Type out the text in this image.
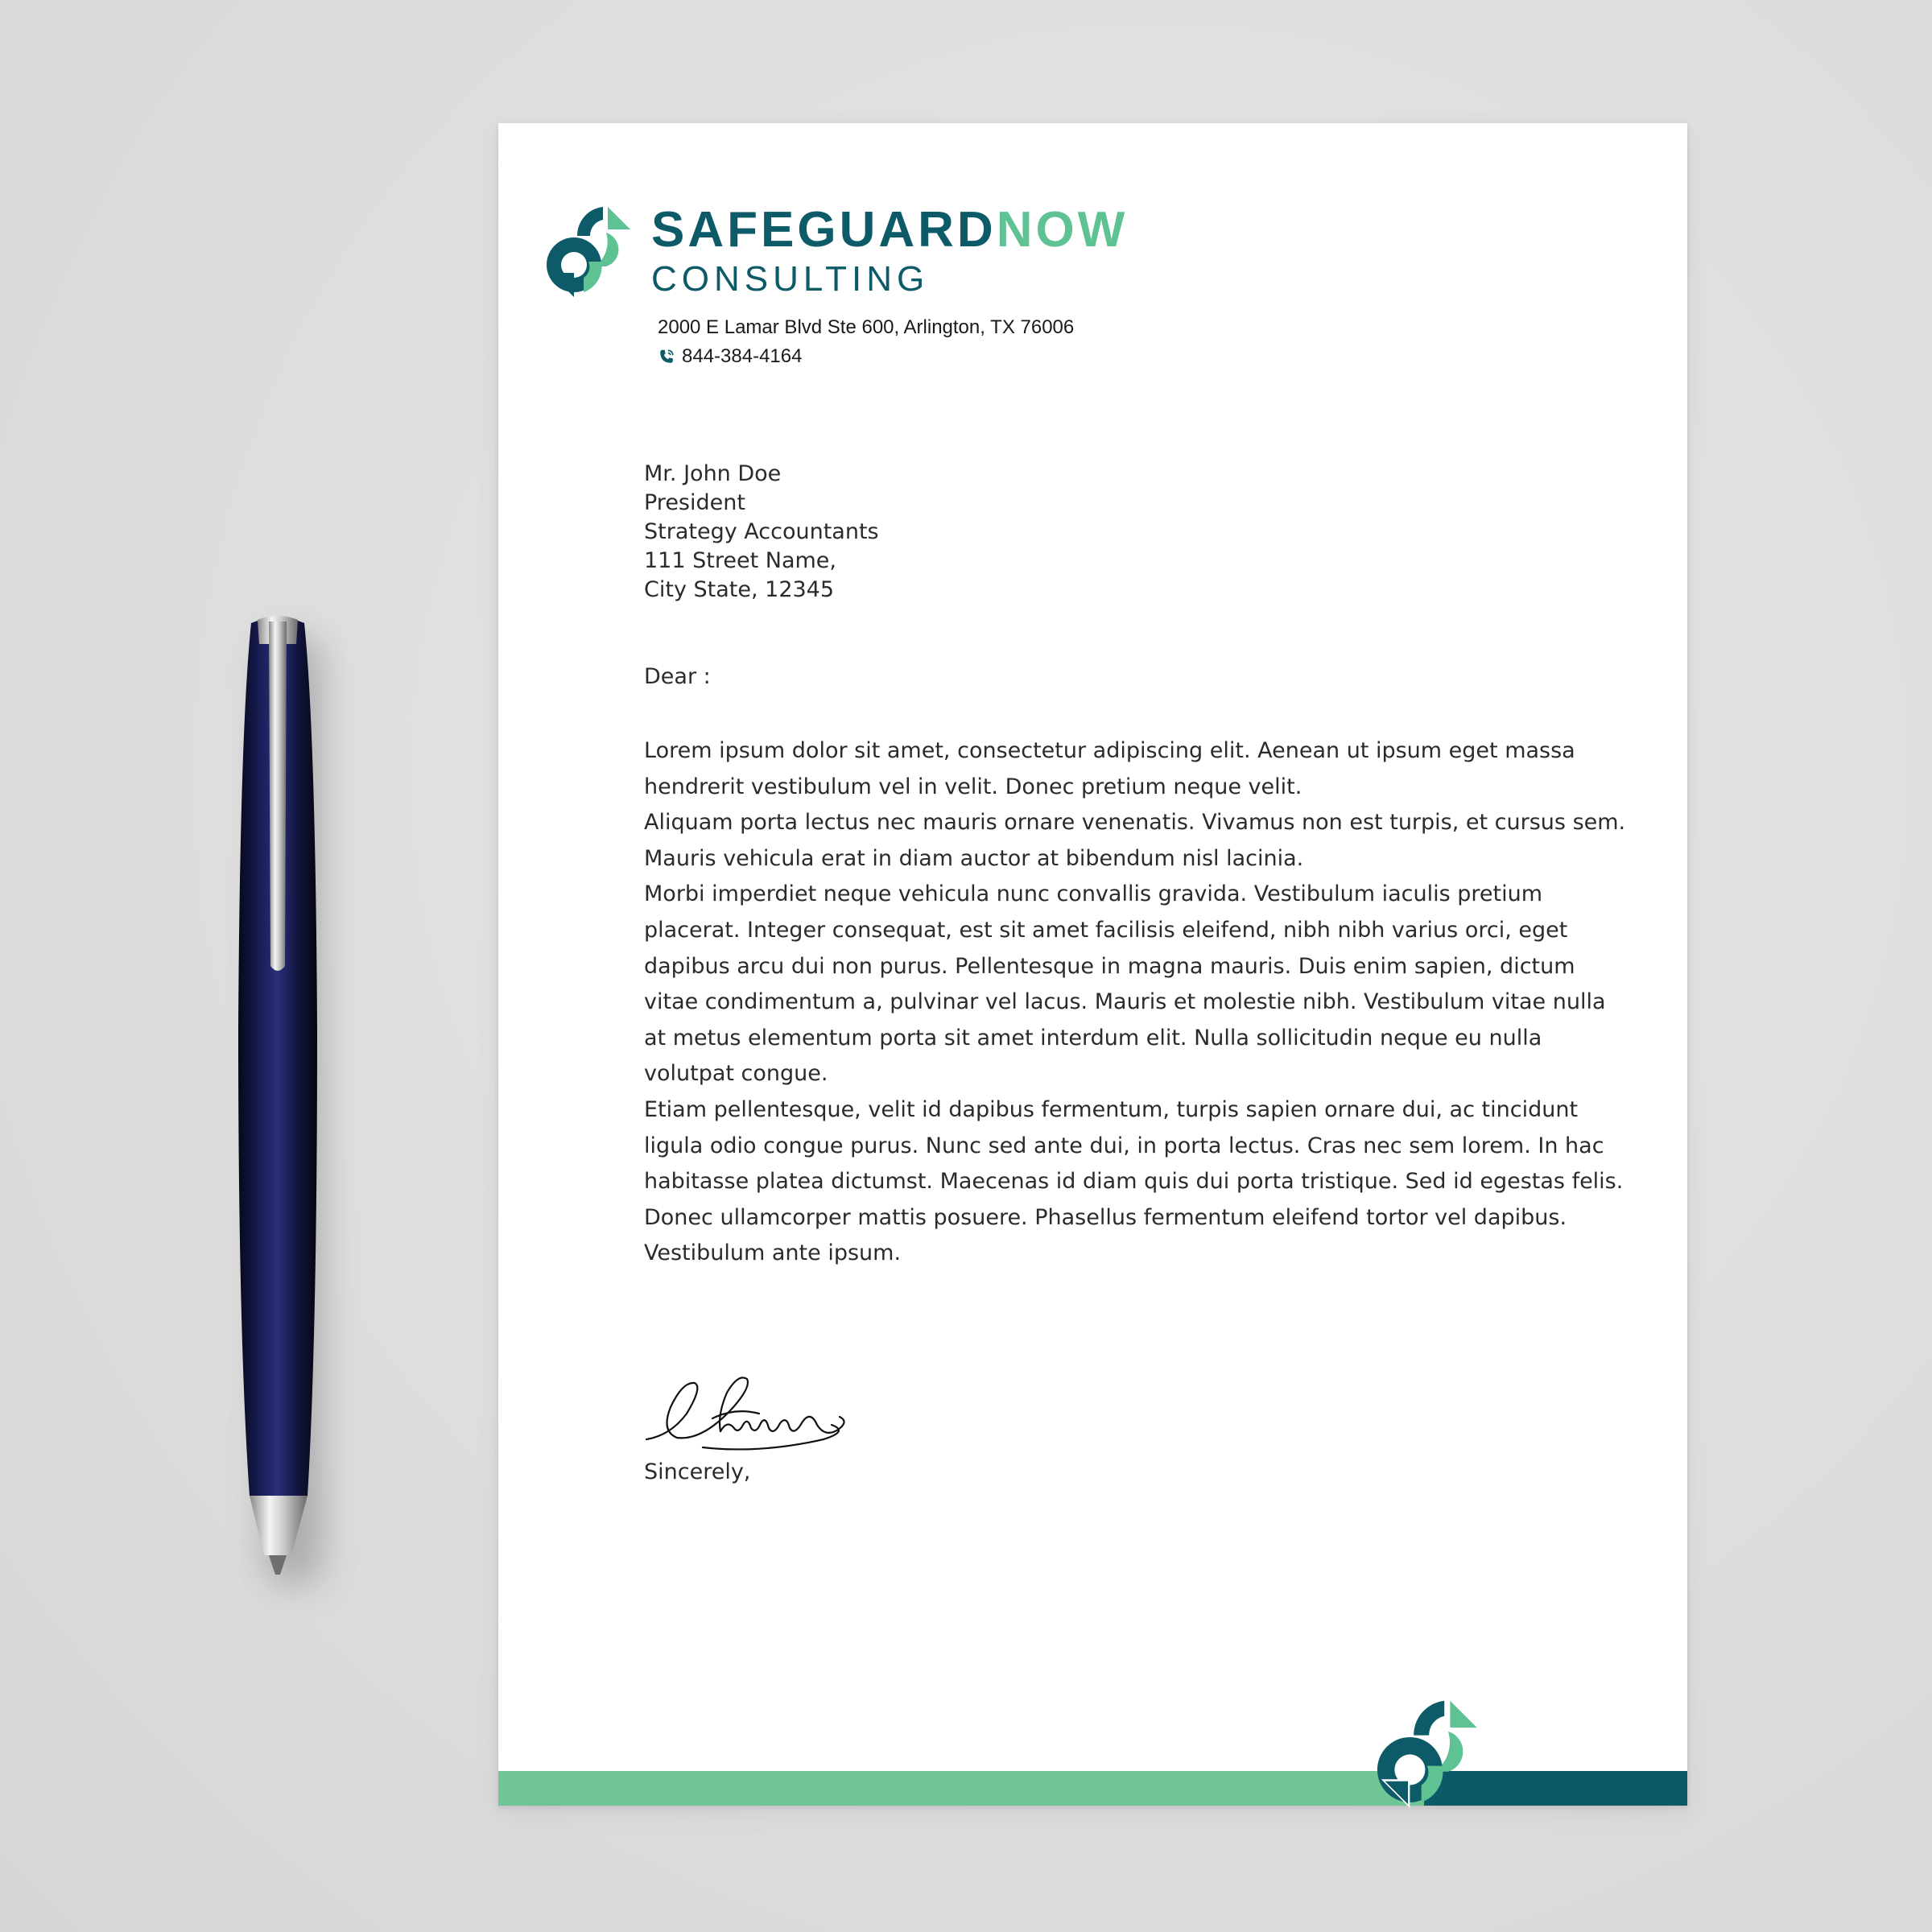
SAFEGUARDNOW
CONSULTING
2000 E Lamar Blvd Ste 600, Arlington, TX 76006
844-384-4164
Mr. John Doe
President
Strategy Accountants
111 Street Name,
City State, 12345
Dear :

Lorem ipsum dolor sit amet, consectetur adipiscing elit. Aenean ut ipsum eget massa hendrerit vestibulum vel in velit. Donec pretium neque velit.

Aliquam porta lectus nec mauris ornare venenatis. Vivamus non est turpis, et cursus sem. Mauris vehicula erat in diam auctor at bibendum nisl lacinia.

Morbi imperdiet neque vehicula nunc convallis gravida. Vestibulum iaculis pretium placerat. Integer consequat, est sit amet facilisis eleifend, nibh nibh varius orci, eget dapibus arcu dui non purus. Pellentesque in magna mauris. Duis enim sapien, dictum vitae condimentum a, pulvinar vel lacus. Mauris et molestie nibh. Vestibulum vitae nulla at metus elementum porta sit amet interdum elit. Nulla sollicitudin neque eu nulla volutpat congue.

Etiam pellentesque, velit id dapibus fermentum, turpis sapien ornare dui, ac tincidunt ligula odio congue purus. Nunc sed ante dui, in porta lectus. Cras nec sem lorem. In hac habitasse platea dictumst. Maecenas id diam quis dui porta tristique. Sed id egestas felis. Donec ullamcorper mattis posuere. Phasellus fermentum eleifend tortor vel dapibus. Vestibulum ante ipsum.

Sincerely,
